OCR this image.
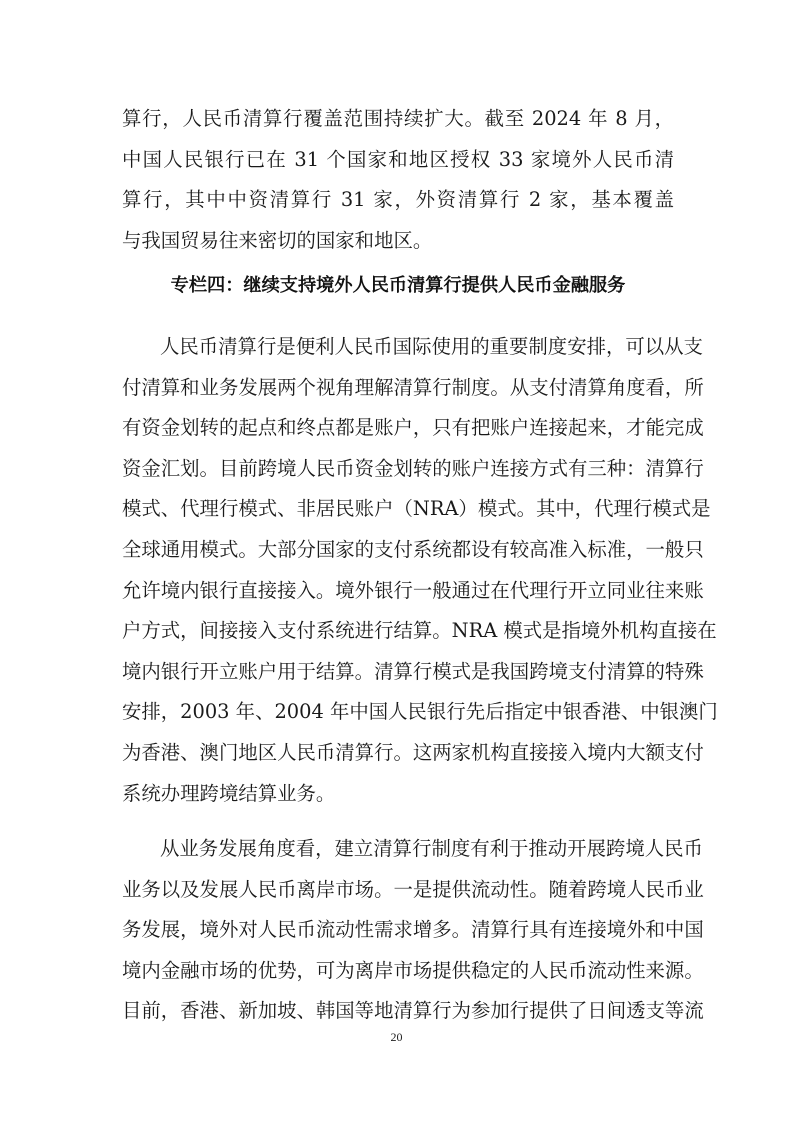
算行，人民币清算行覆盖范围持续扩大。截至 2024 年 8 月，
中国人民银行已在 31 个国家和地区授权 33 家境外人民币清
算行，其中中资清算行 31 家，外资清算行 2 家，基本覆盖
与我国贸易往来密切的国家和地区。
专栏四：继续支持境外人民币清算行提供人民币金融服务
人民币清算行是便利人民币国际使用的重要制度安排，可以从支
付清算和业务发展两个视角理解清算行制度。从支付清算角度看，所
有资金划转的起点和终点都是账户，只有把账户连接起来，才能完成
资金汇划。目前跨境人民币资金划转的账户连接方式有三种：清算行
模式、代理行模式、非居民账户（NRA）模式。其中，代理行模式是
全球通用模式。大部分国家的支付系统都设有较高准入标准，一般只
允许境内银行直接接入。境外银行一般通过在代理行开立同业往来账
户方式，间接接入支付系统进行结算。NRA 模式是指境外机构直接在
境内银行开立账户用于结算。清算行模式是我国跨境支付清算的特殊
安排，2003 年、2004 年中国人民银行先后指定中银香港、中银澳门
为香港、澳门地区人民币清算行。这两家机构直接接入境内大额支付
系统办理跨境结算业务。
从业务发展角度看，建立清算行制度有利于推动开展跨境人民币
业务以及发展人民币离岸市场。一是提供流动性。随着跨境人民币业
务发展，境外对人民币流动性需求增多。清算行具有连接境外和中国
境内金融市场的优势，可为离岸市场提供稳定的人民币流动性来源。
目前，香港、新加坡、韩国等地清算行为参加行提供了日间透支等流
20
